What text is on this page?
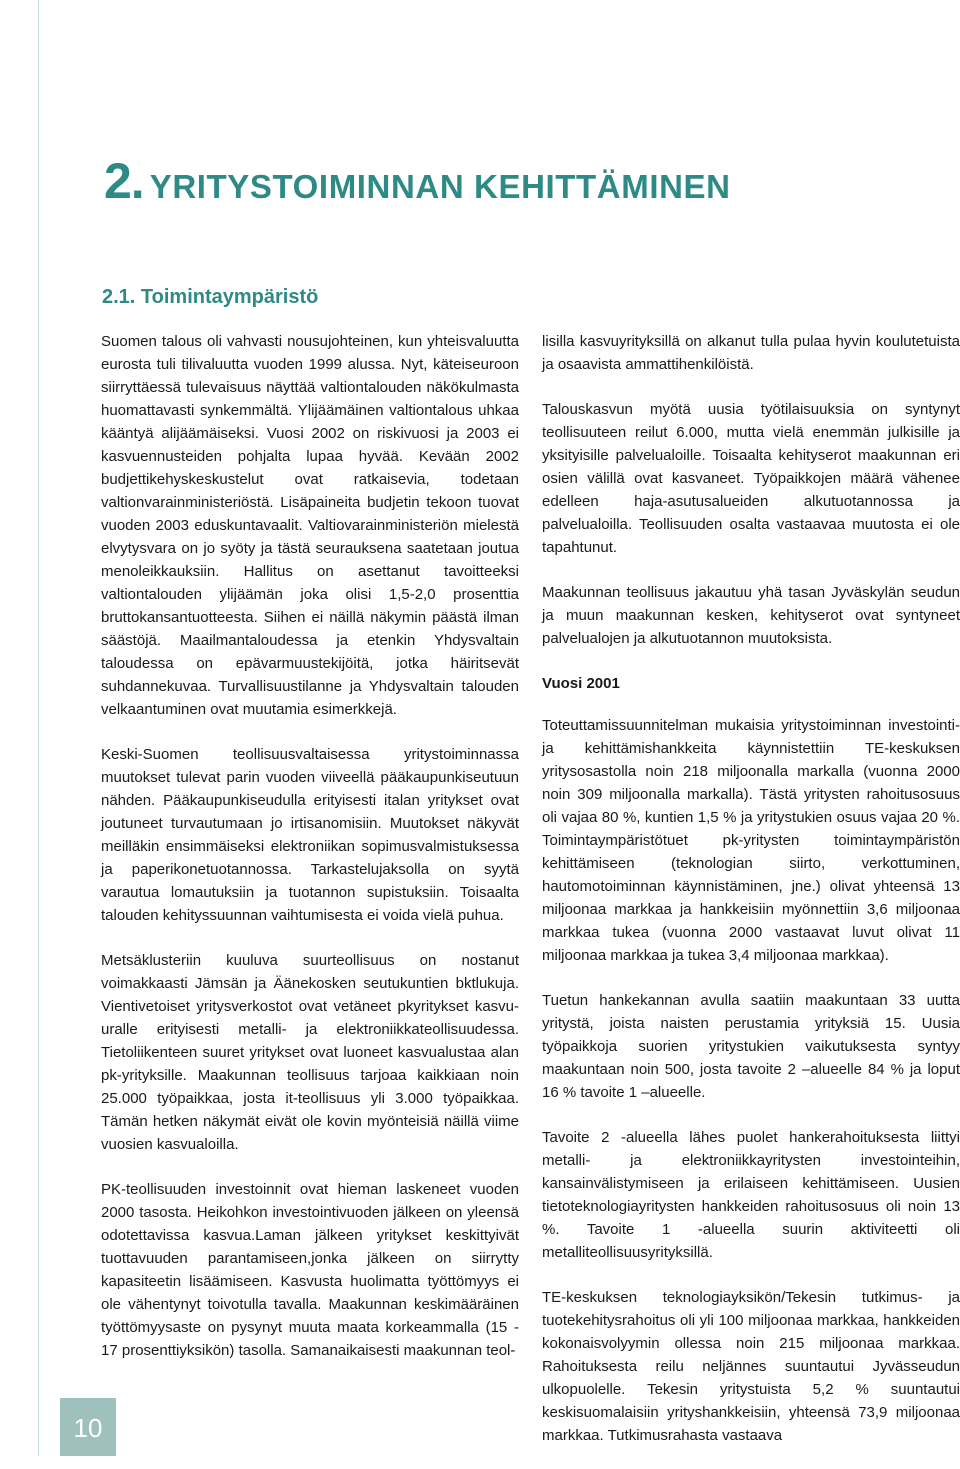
2. YRITYSTOIMINNAN KEHITTÄMINEN
2.1. Toimintaympäristö

Suomen talous oli vahvasti nousujohteinen, kun yhteisvaluutta eurosta tuli tilivaluutta vuoden 1999 alussa. Nyt, käteiseuroon siirryttäessä tulevaisuus näyttää valtiontalouden näkökulmasta huomattavasti synkemmältä. Ylijäämäinen valtiontalous uhkaa kääntyä alijäämäiseksi. Vuosi 2002 on riskivuosi ja 2003 ei kasvuennusteiden pohjalta lupaa hyvää. Kevään 2002 budjettikehyskeskustelut ovat ratkaisevia, todetaan valtionvarainministeriöstä. Lisäpaineita budjetin tekoon tuovat vuoden 2003 eduskuntavaalit. Valtiovarainministeriön mielestä elvytysvara on jo syöty ja tästä seurauksena saatetaan joutua menoleikkauksiin. Hallitus on asettanut tavoitteeksi valtiontalouden ylijäämän joka olisi 1,5-2,0 prosenttia bruttokansantuotteesta. Siihen ei näillä näkymin päästä ilman säästöjä. Maailmantaloudessa ja etenkin Yhdysvaltain taloudessa on epävarmuustekijöitä, jotka häiritsevät suhdannekuvaa. Turvallisuustilanne ja Yhdysvaltain talouden velkaantuminen ovat muutamia esimerkkejä.

Keski-Suomen teollisuusvaltaisessa yritystoiminnassa muutokset tulevat parin vuoden viiveellä pääkaupunkiseutuun nähden. Pääkaupunkiseudulla erityisesti italan yritykset ovat joutuneet turvautumaan jo irtisanomisiin. Muutokset näkyvät meilläkin ensimmäiseksi elektroniikan sopimusvalmistuksessa ja paperikonetuotannossa. Tarkastelujaksolla on syytä varautua lomautuksiin ja tuotannon supistuksiin. Toisaalta talouden kehityssuunnan vaihtumisesta ei voida vielä puhua.

Metsäklusteriin kuuluva suurteollisuus on nostanut voimakkaasti Jämsän ja Äänekosken seutukuntien bktlukuja. Vientivetoiset yritysverkostot ovat vetäneet pkyritykset kasvu-uralle erityisesti metalli- ja elektroniikkateollisuudessa. Tietoliikenteen suuret yritykset ovat luoneet kasvualustaa alan pk-yrityksille. Maakunnan teollisuus tarjoaa kaikkiaan noin 25.000 työpaikkaa, josta it-teollisuus yli 3.000 työpaikkaa. Tämän hetken näkymät eivät ole kovin myönteisiä näillä viime vuosien kasvualoilla.

PK-teollisuuden investoinnit ovat hieman laskeneet vuoden 2000 tasosta. Heikohkon investointivuoden jälkeen on yleensä odotettavissa kasvua.Laman jälkeen yritykset keskittyivät tuottavuuden parantamiseen,jonka jälkeen on siirrytty kapasiteetin lisäämiseen. Kasvusta huolimatta työttömyys ei ole vähentynyt toivotulla tavalla. Maakunnan keskimääräinen työttömyysaste on pysynyt muuta maata korkeammalla (15 - 17 prosenttiyksikön) tasolla. Samanaikaisesti maakunnan teol-

lisilla kasvuyrityksillä on alkanut tulla pulaa hyvin koulutetuista ja osaavista ammattihenkilöistä.

Talouskasvun myötä uusia työtilaisuuksia on syntynyt teollisuuteen reilut 6.000, mutta vielä enemmän julkisille ja yksityisille palvelualoille. Toisaalta kehityserot maakunnan eri osien välillä ovat kasvaneet. Työpaikkojen määrä vähenee edelleen haja-asutusalueiden alkutuotannossa ja palvelualoilla. Teollisuuden osalta vastaavaa muutosta ei ole tapahtunut.

Maakunnan teollisuus jakautuu yhä tasan Jyväskylän seudun ja muun maakunnan kesken, kehityserot ovat syntyneet palvelualojen ja alkutuotannon muutoksista.

Vuosi 2001

Toteuttamissuunnitelman mukaisia yritystoiminnan investointi- ja kehittämishankkeita käynnistettiin TE-keskuksen yritysosastolla noin 218 miljoonalla markalla (vuonna 2000 noin 309 miljoonalla markalla). Tästä yritysten rahoitusosuus oli vajaa 80 %, kuntien 1,5 % ja yritystukien osuus vajaa 20 %. Toimintaympäristötuet pk-yritysten toimintaympäristön kehittämiseen (teknologian siirto, verkottuminen, hautomotoiminnan käynnistäminen, jne.) olivat yhteensä 13 miljoonaa markkaa ja hankkeisiin myönnettiin 3,6 miljoonaa markkaa tukea (vuonna 2000 vastaavat luvut olivat 11 miljoonaa markkaa ja tukea 3,4 miljoonaa markkaa).

Tuetun hankekannan avulla saatiin maakuntaan 33 uutta yritystä, joista naisten perustamia yrityksiä 15. Uusia työpaikkoja suorien yritystukien vaikutuksesta syntyy maakuntaan noin 500, josta tavoite 2 –alueelle 84 % ja loput 16 % tavoite 1 –alueelle.

Tavoite 2 -alueella lähes puolet hankerahoituksesta liittyi metalli- ja elektroniikkayritysten investointeihin, kansainvälistymiseen ja erilaiseen kehittämiseen. Uusien tietoteknologiayritysten hankkeiden rahoitusosuus oli noin 13 %. Tavoite 1 -alueella suurin aktiviteetti oli metalliteollisuusyrityksillä.

TE-keskuksen teknologiayksikön/Tekesin tutkimus- ja tuotekehitysrahoitus oli yli 100 miljoonaa markkaa, hankkeiden kokonaisvolyymin ollessa noin 215 miljoonaa markkaa. Rahoituksesta reilu neljännes suuntautui Jyvässeudun ulkopuolelle. Tekesin yritystuista 5,2 % suuntautui keskisuomalaisiin yrityshankkeisiin, yhteensä 73,9 miljoonaa markkaa. Tutkimusrahasta vastaava

10
